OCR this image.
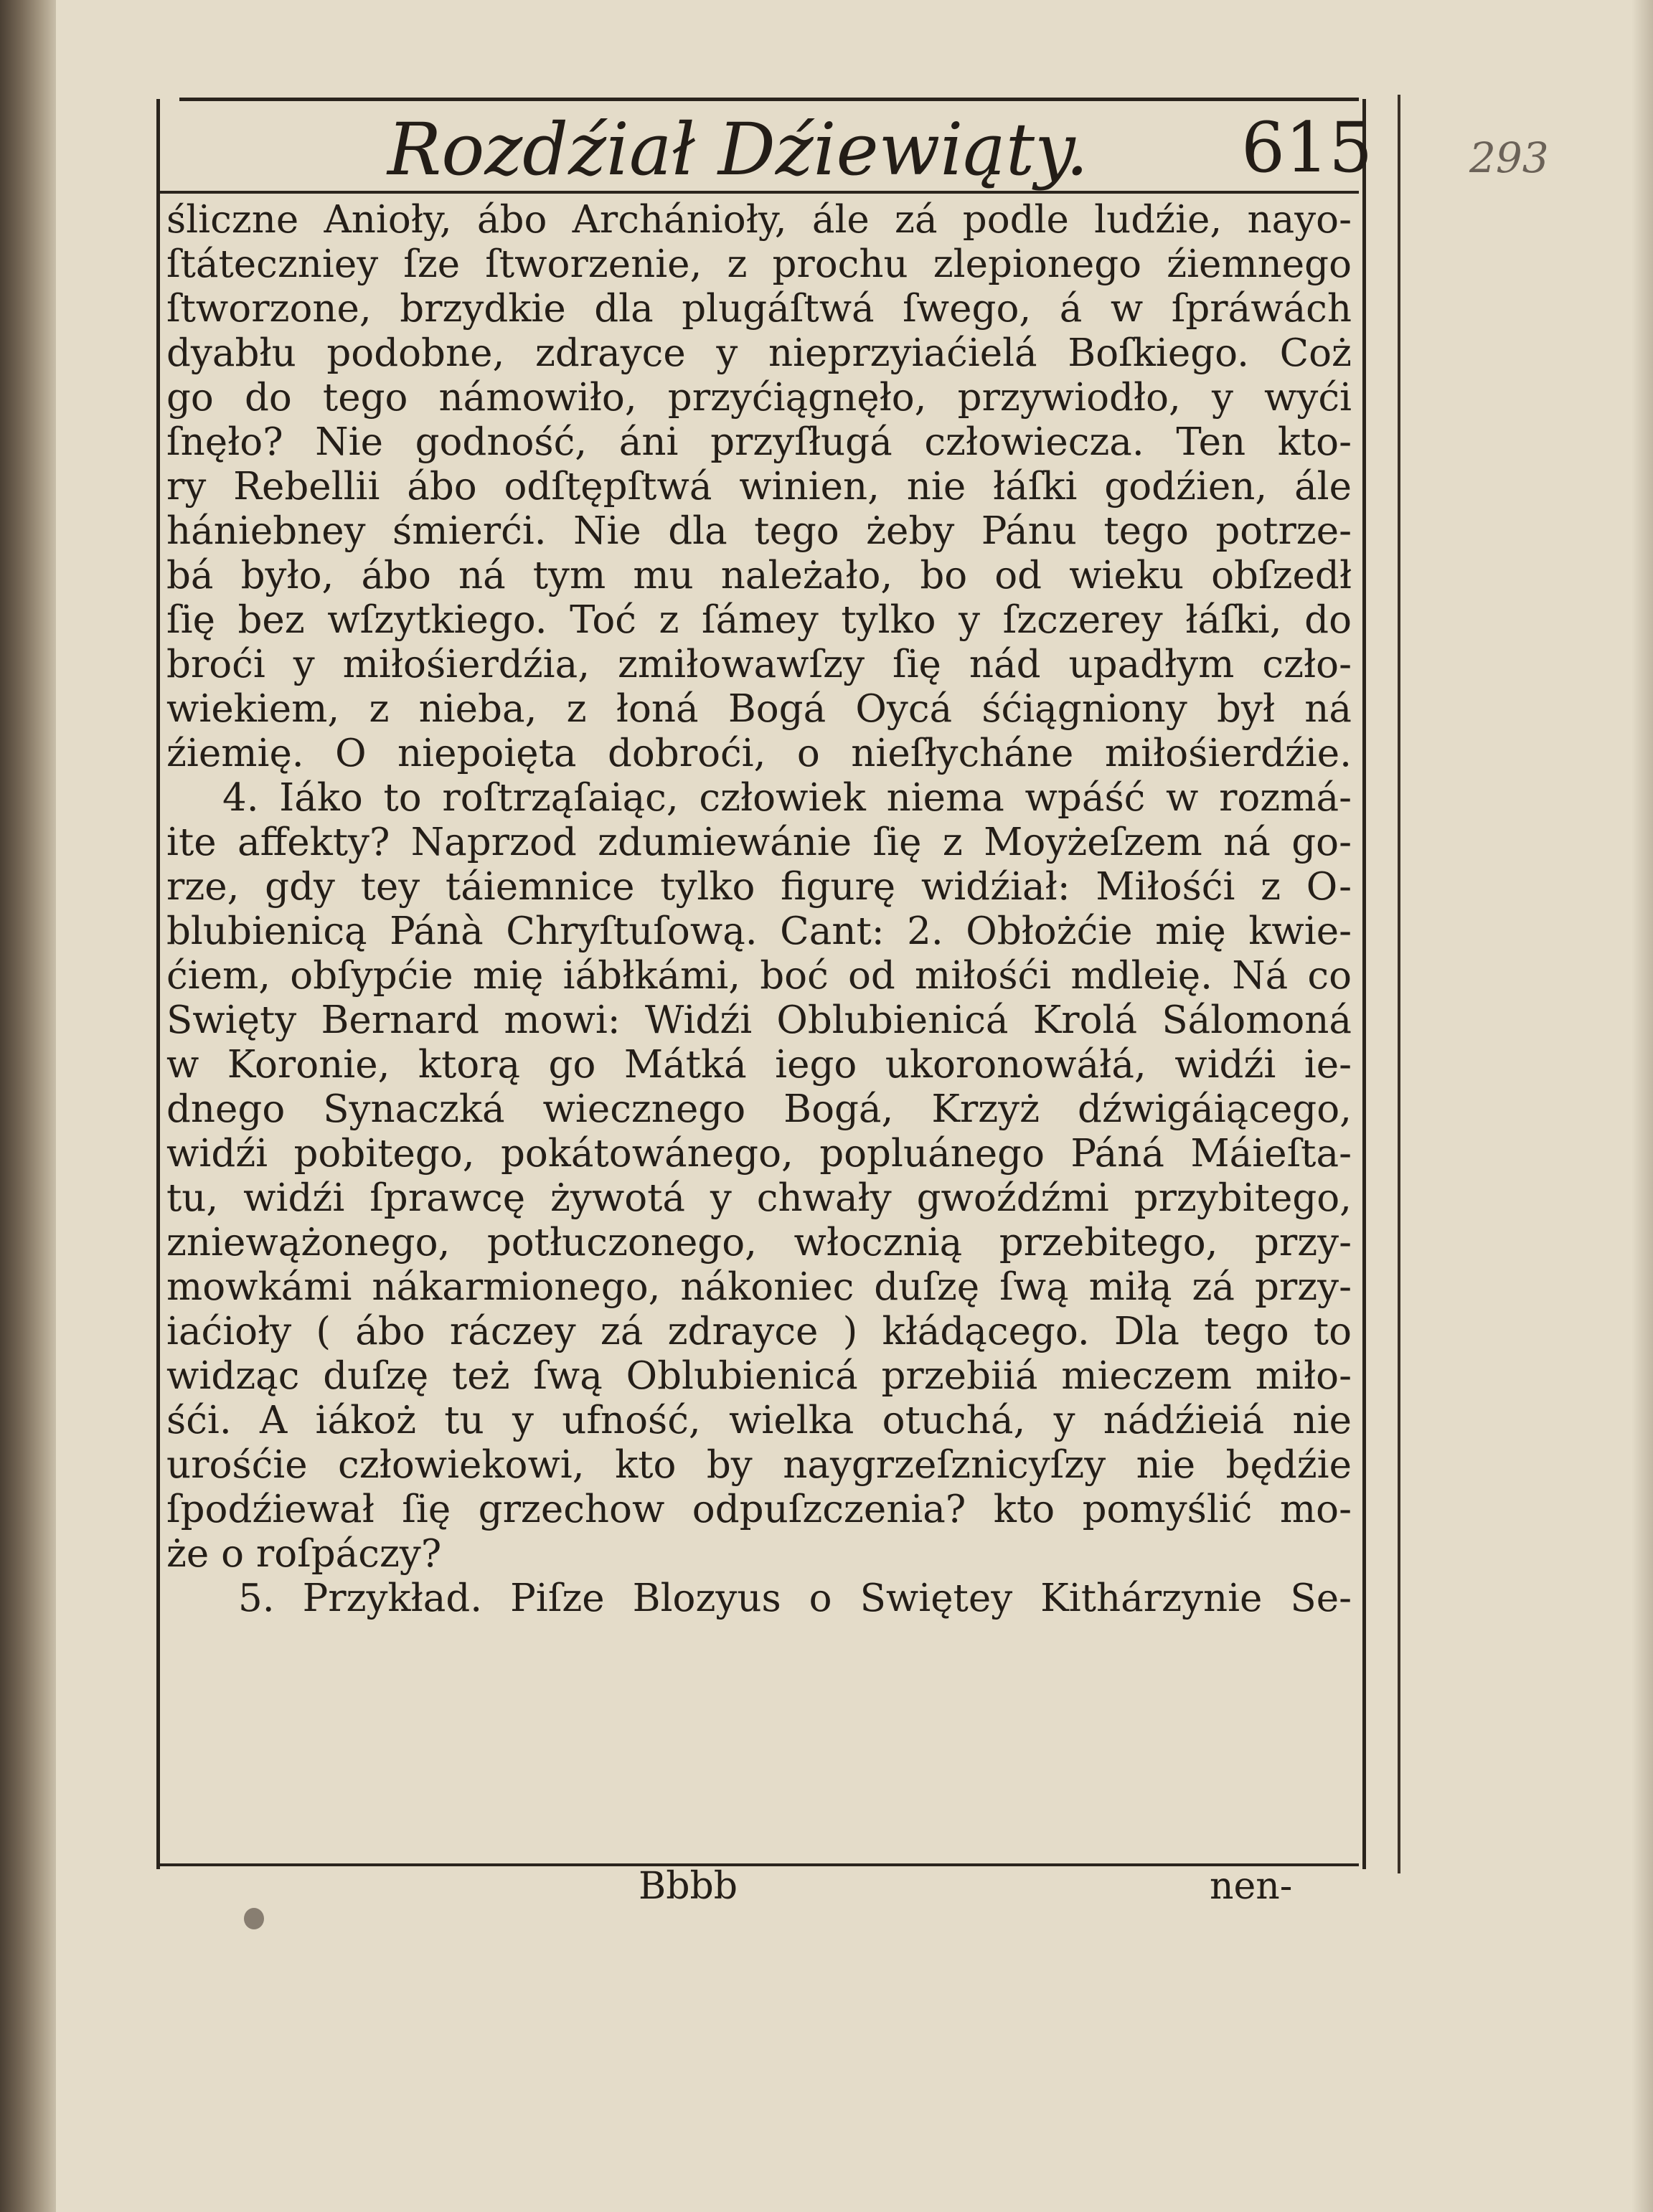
Rozdźiał Dźiewiąty. 615 293
śliczne Anioły, ábo Archánioły, ále zá podle ludźie, nayo-
ſtáteczniey ſze ſtworzenie, z prochu zlepionego źiemnego
ſtworzone, brzydkie dla plugáſtwá ſwego, á w ſpráwách
dyabłu podobne, zdrayce y nieprzyiaćielá Boſkiego. Coż
go do tego námowiło, przyćiągnęło, przywiodło, y wyći
ſnęło? Nie godność, áni przyſługá człowiecza. Ten kto-
ry Rebellii ábo odſtępſtwá winien, nie łáſki godźien, ále
hániebney śmierći. Nie dla tego żeby Pánu tego potrze-
bá było, ábo ná tym mu należało, bo od wieku obſzedł
ſię bez wſzytkiego. Toć z ſámey tylko y ſzczerey łáſki, do
broći y miłośierdźia, zmiłowawſzy ſię nád upadłym czło-
wiekiem, z nieba, z łoná Bogá Oycá śćiągniony był ná
źiemię. O niepoięta dobroći, o nieſłycháne miłośierdźie.
4. Iáko to roſtrząſaiąc, człowiek niema wpáść w rozmá-
ite affekty? Naprzod zdumiewánie ſię z Moyżeſzem ná go-
rze, gdy tey táiemnice tylko figurę widźiał: Miłośći z O-
blubienicą Pánà Chryſtuſową. Cant: 2. Obłożćie mię kwie-
ćiem, obſypćie mię iábłkámi, boć od miłośći mdleię. Ná co
Swięty Bernard mowi: Widźi Oblubienicá Krolá Sálomoná
w Koronie, ktorą go Mátká iego ukoronowáłá, widźi ie-
dnego Synaczká wiecznego Bogá, Krzyż dźwigáiącego,
widźi pobitego, pokátowánego, popluánego Páná Máieſta-
tu, widźi ſprawcę żywotá y chwały gwoźdźmi przybitego,
zniewążonego, potłuczonego, włocznią przebitego, przy-
mowkámi nákarmionego, nákoniec duſzę ſwą miłą zá przy-
iaćioły ( ábo ráczey zá zdrayce ) kłádącego. Dla tego to
widząc duſzę też ſwą Oblubienicá przebiiá mieczem miło-
śći. A iákoż tu y ufność, wielka otuchá, y nádźieiá nie
urośćie człowiekowi, kto by naygrzeſznicyſzy nie będźie
ſpodźiewał ſię grzechow odpuſzczenia? kto pomyślić mo-
że o roſpáczy?
5. Przykład. Piſze Blozyus o Swiętey Kithárzynie Se-
Bbbb	nen-
